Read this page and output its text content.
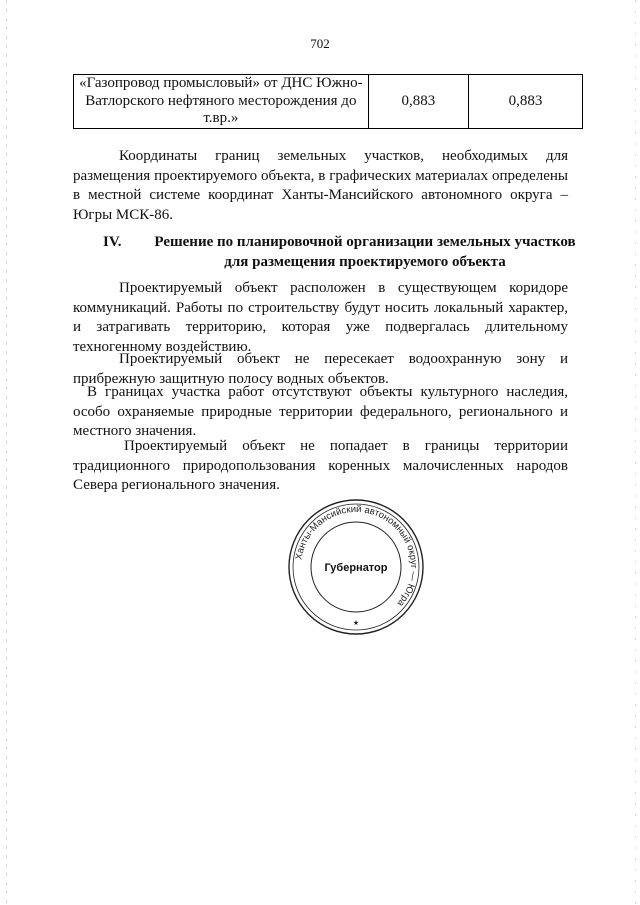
702
«Газопровод промысловый» от ДНС Южно-
Ватлорского нефтяного месторождения до
т.вр.»
	0,883	0,883

Координаты границ земельных участков, необходимых для размещения проектируемого объекта, в графических материалах определены в местной системе координат Ханты-Мансийского автономного округа – Югры МСК-86.

IV.	Решение по планировочной организации земельных участков для размещения проектируемого объекта

Проектируемый объект расположен в существующем коридоре коммуникаций. Работы по строительству будут носить локальный характер, и затрагивать территорию, которая уже подвергалась длительному техногенному воздействию.

Проектируемый объект не пересекает водоохранную зону и прибрежную защитную полосу водных объектов.

В границах участка работ отсутствуют объекты культурного наследия, особо охраняемые природные территории федерального, регионального и местного значения.

Проектируемый объект не попадает в границы территории традиционного природопользования коренных малочисленных народов Севера регионального значения.

Ханты-Мансийский автономный округ — Югра
Губернатор
★
